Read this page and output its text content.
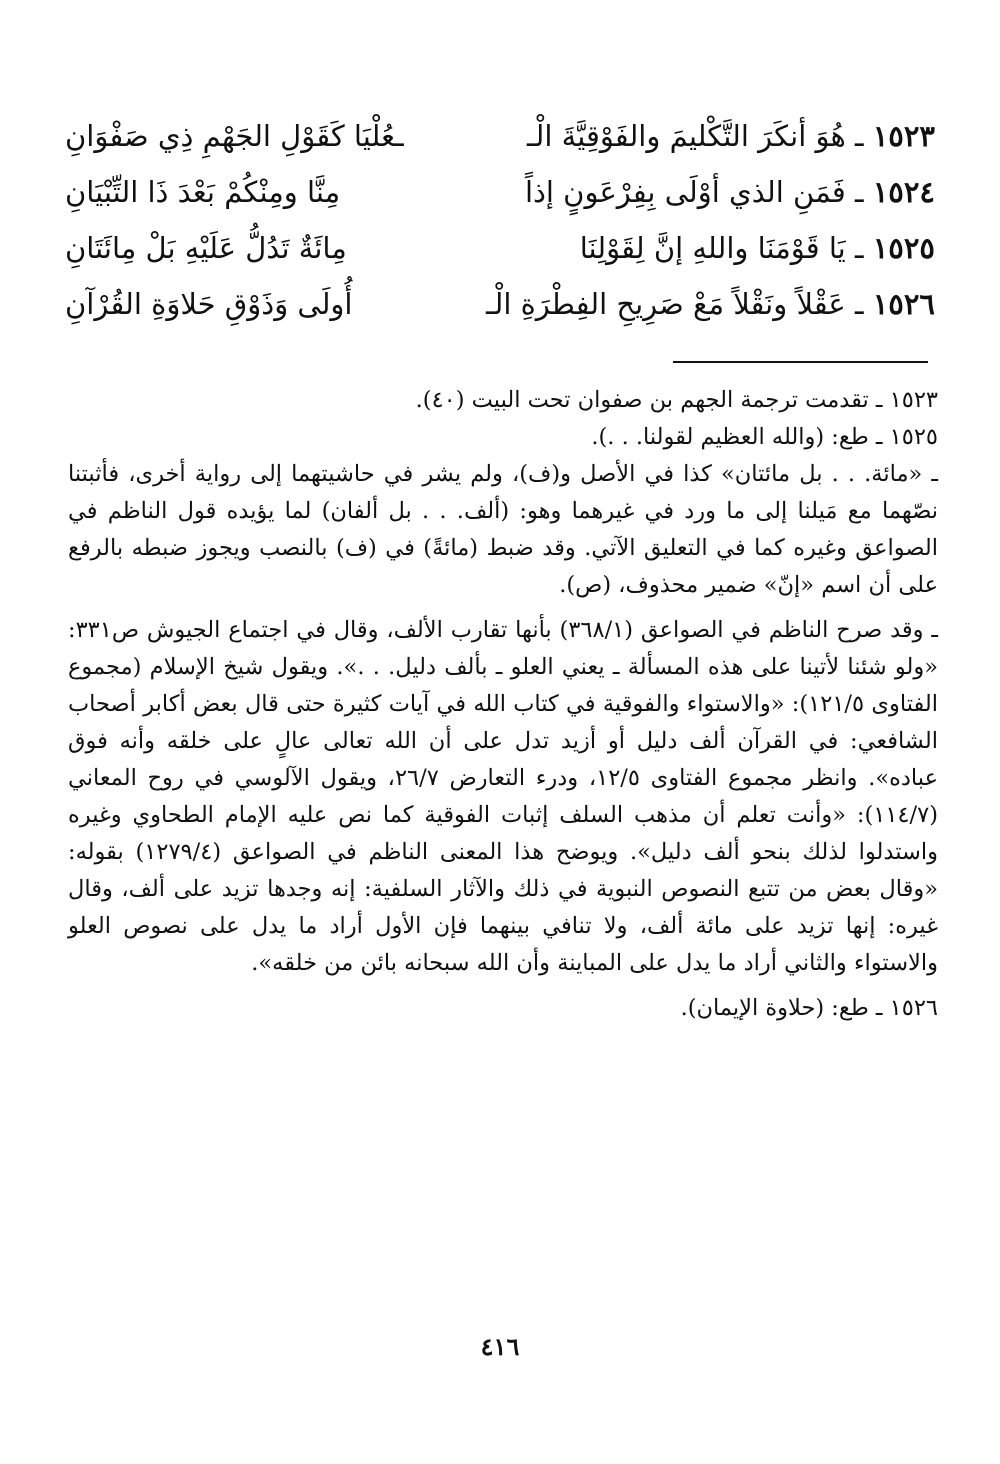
١٥٢٣ ـ هُوَ أنكَرَ التَّكْليمَ والفَوْقِيَّةَ الْـ
ـعُلْيَا كَقَوْلِ الجَهْمِ ذِي صَفْوَانِ
١٥٢٤ ـ فَمَنِ الذي أوْلَى بِفِرْعَونٍ إذاً
مِنَّا ومِنْكُمْ بَعْدَ ذَا التِّبْيَانِ
١٥٢٥ ـ يَا قَوْمَنَا واللهِ إنَّ لِقَوْلِنَا
مِائَةٌ تَدُلُّ عَلَيْهِ بَلْ مِائَتَانِ
١٥٢٦ ـ عَقْلاً ونَقْلاً مَعْ صَرِيحِ الفِطْرَةِ الْـ
أُولَى وَذَوْقِ حَلاوَةِ القُرْآنِ
١٥٢٣ ـ تقدمت ترجمة الجهم بن صفوان تحت البيت (٤٠).
١٥٢٥ ـ طع: (والله العظيم لقولنا. . .).

ـ «مائة. . . بل مائتان» كذا في الأصل و(ف)، ولم يشر في حاشيتهما إلى رواية أخرى، فأثبتنا نصّهما مع مَيلنا إلى ما ورد في غيرهما وهو: (ألف. . . بل ألفان) لما يؤيده قول الناظم في الصواعق وغيره كما في التعليق الآتي. وقد ضبط (مائةً) في (ف) بالنصب ويجوز ضبطه بالرفع على أن اسم «إنّ» ضمير محذوف، (ص).

ـ وقد صرح الناظم في الصواعق (٣٦٨/١) بأنها تقارب الألف، وقال في اجتماع الجيوش ص٣٣١: «ولو شئنا لأتينا على هذه المسألة ـ يعني العلو ـ بألف دليل. . .». ويقول شيخ الإسلام (مجموع الفتاوى ١٢١/٥): «والاستواء والفوقية في كتاب الله في آيات كثيرة حتى قال بعض أكابر أصحاب الشافعي: في القرآن ألف دليل أو أزيد تدل على أن الله تعالى عالٍ على خلقه وأنه فوق عباده». وانظر مجموع الفتاوى ١٢/٥، ودرء التعارض ٢٦/٧، ويقول الآلوسي في روح المعاني (١١٤/٧): «وأنت تعلم أن مذهب السلف إثبات الفوقية كما نص عليه الإمام الطحاوي وغيره واستدلوا لذلك بنحو ألف دليل». ويوضح هذا المعنى الناظم في الصواعق (١٢٧٩/٤) بقوله: «وقال بعض من تتبع النصوص النبوية في ذلك والآثار السلفية: إنه وجدها تزيد على ألف، وقال غيره: إنها تزيد على مائة ألف، ولا تنافي بينهما فإن الأول أراد ما يدل على نصوص العلو والاستواء والثاني أراد ما يدل على المباينة وأن الله سبحانه بائن من خلقه».

١٥٢٦ ـ طع: (حلاوة الإيمان).
٤١٦
